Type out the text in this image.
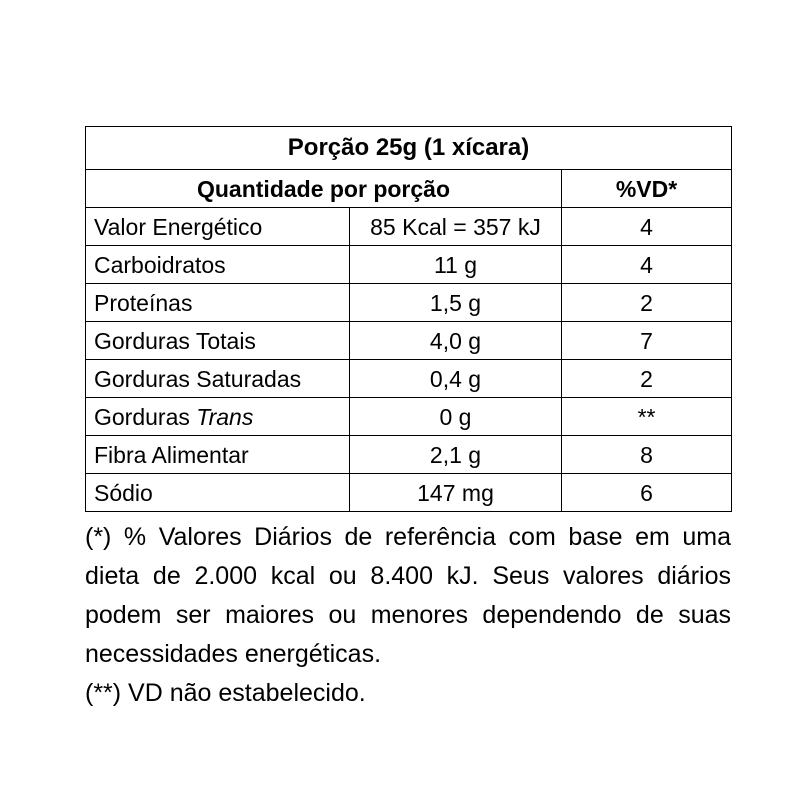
Porção 25g (1 xícara)		
Quantidade por porção		%VD*
Valor Energético	85 Kcal = 357 kJ	4
Carboidratos	11 g	4
Proteínas	1,5 g	2
Gorduras Totais	4,0 g	7
Gorduras Saturadas	0,4 g	2
Gorduras Trans	0 g	**
Fibra Alimentar	2,1 g	8
Sódio	147 mg	6

(*) % Valores Diários de referência com base em uma dieta de 2.000 kcal ou 8.400 kJ. Seus valores diários podem ser maiores ou menores dependendo de suas necessidades energéticas.

(**) VD não estabelecido.
